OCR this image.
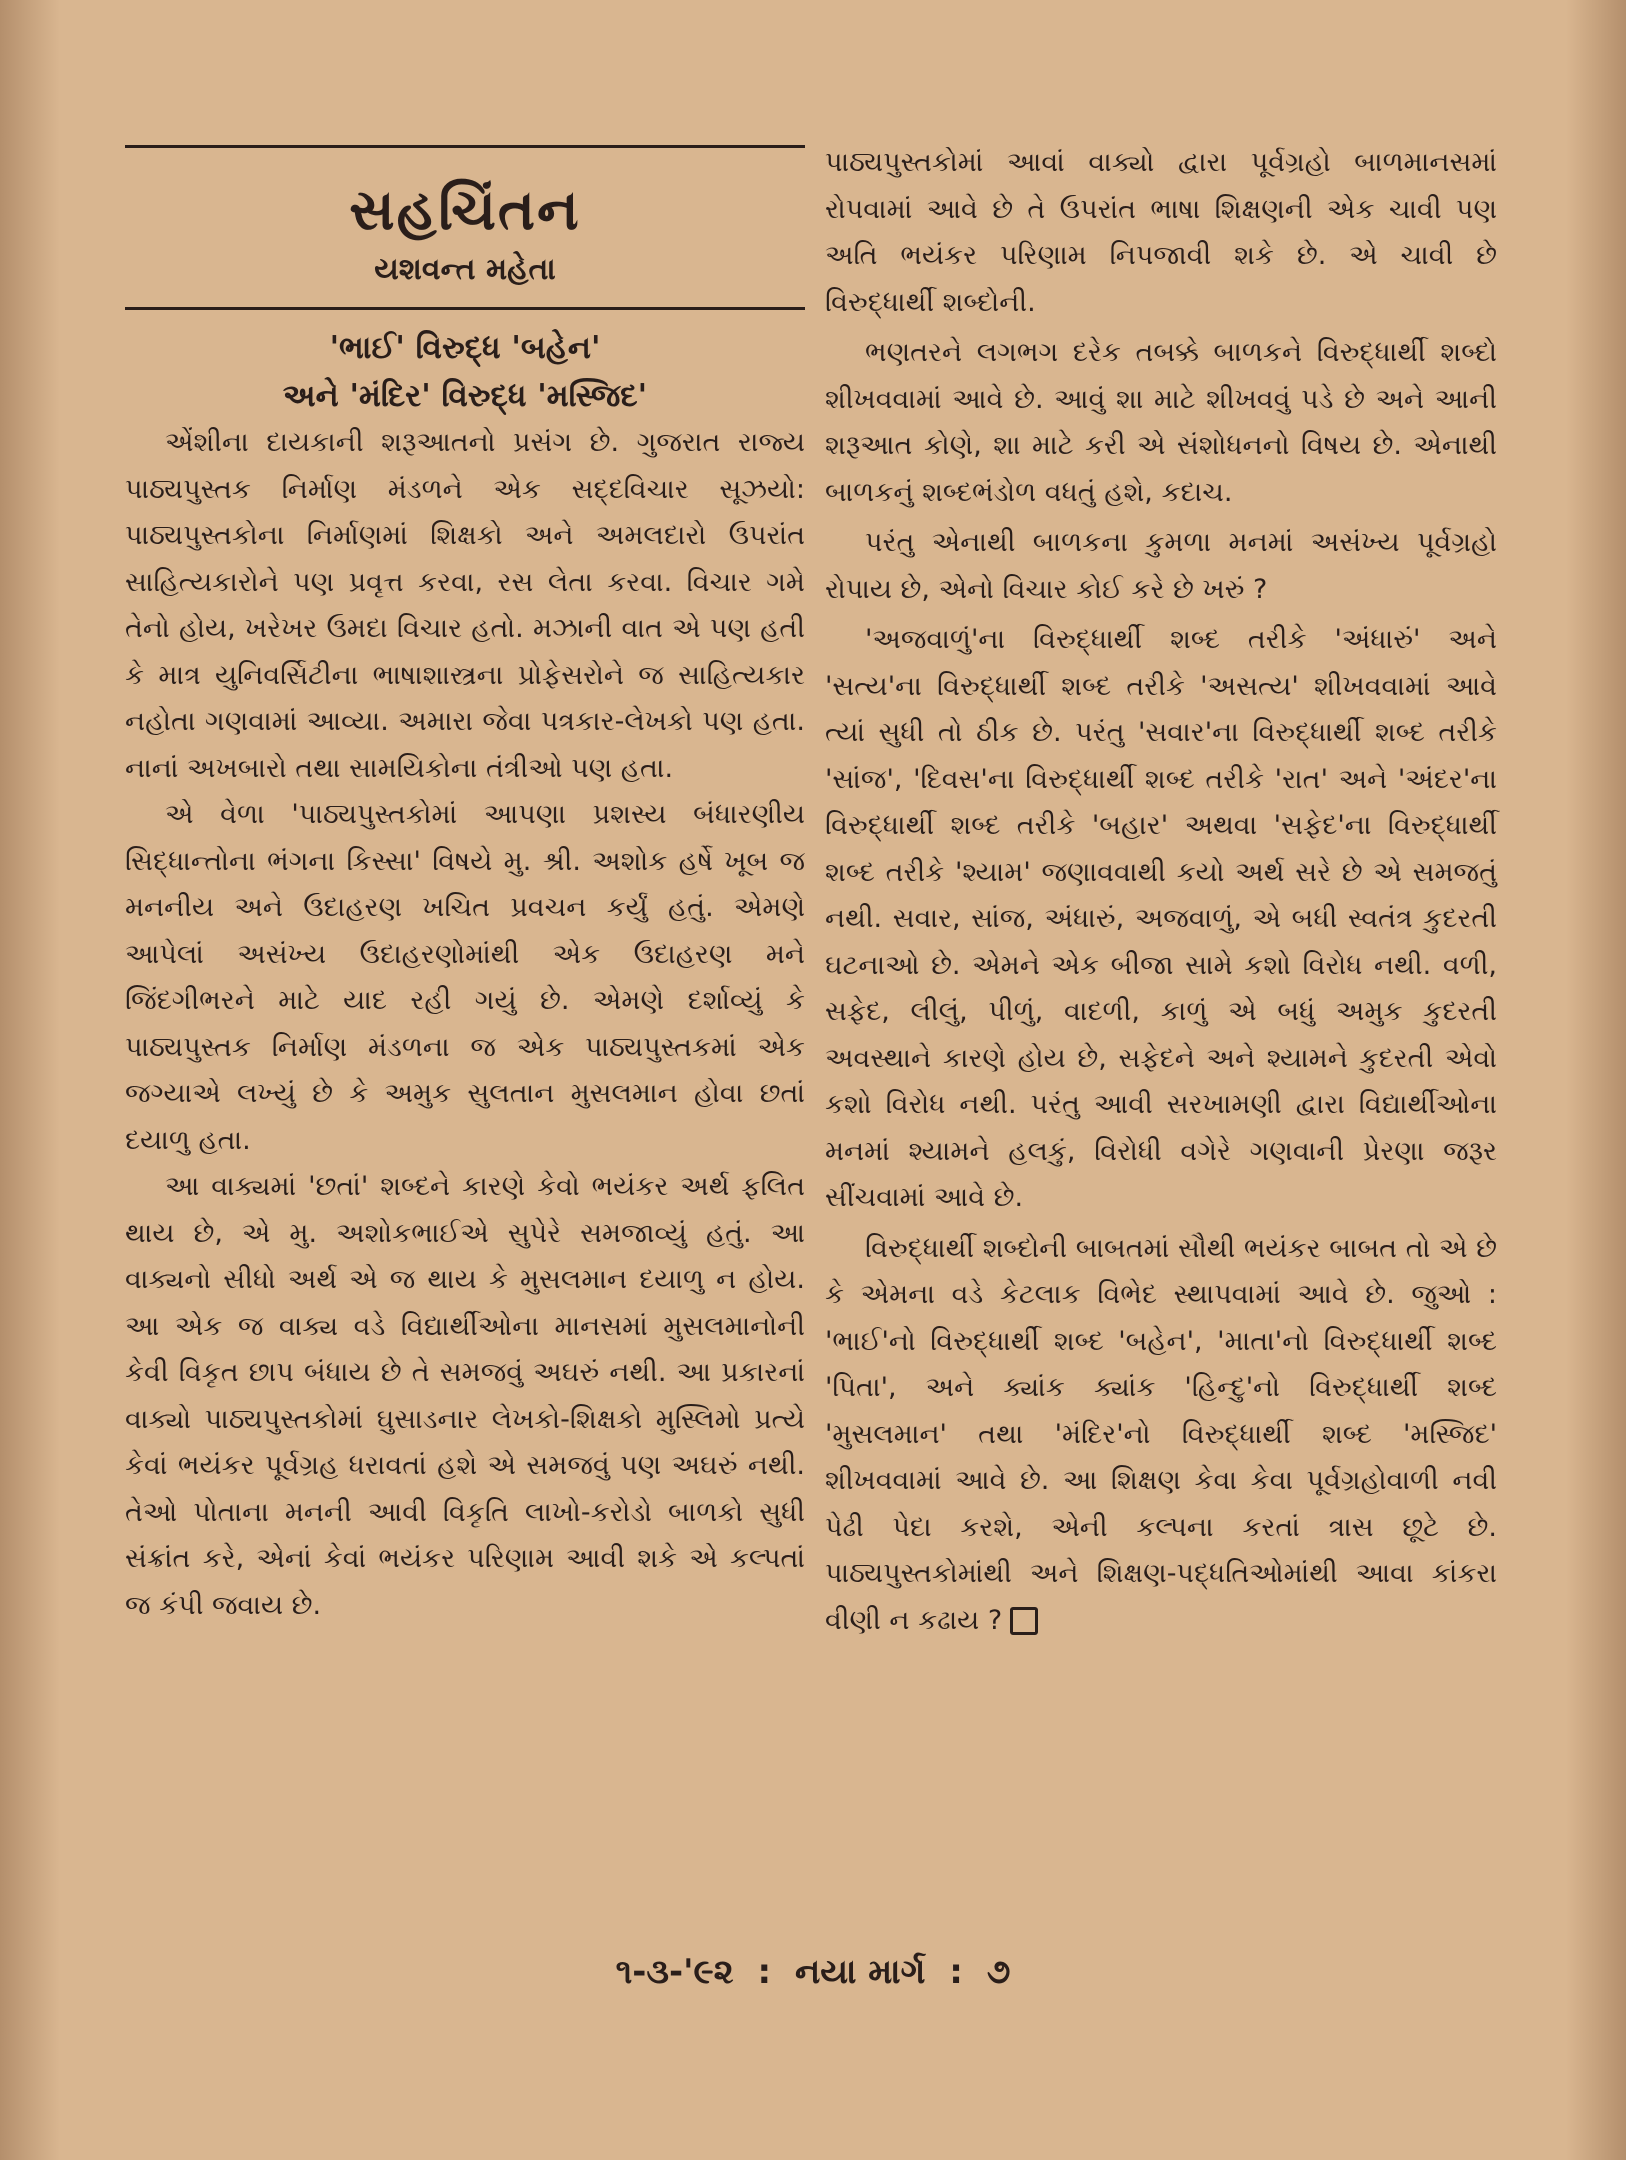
સહચિંતન
યશવન્ત મહેતા
'ભાઈ' વિરુદ્ધ 'બહેન'
અને 'મંદિર' વિરુદ્ધ 'મસ્જિદ'

એંશીના દાયકાની શરૂઆતનો પ્રસંગ છે. ગુજરાત રાજ્ય પાઠ્યપુસ્તક નિર્માણ મંડળને એક સદ્દવિચાર સૂઝયો: પાઠ્યપુસ્તકોના નિર્માણમાં શિક્ષકો અને અમલદારો ઉપરાંત સાહિત્યકારોને પણ પ્રવૃત્ત કરવા, રસ લેતા કરવા. વિચાર ગમે તેનો હોય, ખરેખર ઉમદા વિચાર હતો. મઝાની વાત એ પણ હતી કે માત્ર યુનિવર્સિટીના ભાષાશાસ્ત્રના પ્રોફેસરોને જ સાહિત્યકાર નહોતા ગણવામાં આવ્યા. અમારા જેવા પત્રકાર-લેખકો પણ હતા. નાનાં અખબારો તથા સામયિકોના તંત્રીઓ પણ હતા.

એ વેળા 'પાઠ્યપુસ્તકોમાં આપણા પ્રશસ્ય બંધારણીય સિદ્ધાન્તોના ભંગના કિસ્સા' વિષયે મુ. શ્રી. અશોક હર્ષે ખૂબ જ મનનીય અને ઉદાહરણ ખચિત પ્રવચન કર્યું હતું. એમણે આપેલાં અસંખ્ય ઉદાહરણોમાંથી એક ઉદાહરણ મને જિંદગીભરને માટે યાદ રહી ગયું છે. એમણે દર્શાવ્યું કે પાઠ્યપુસ્તક નિર્માણ મંડળના જ એક પાઠ્યપુસ્તકમાં એક જગ્યાએ લખ્યું છે કે અમુક સુલતાન મુસલમાન હોવા છતાં દયાળુ હતા.

આ વાક્યમાં 'છતાં' શબ્દને કારણે કેવો ભયંકર અર્થ ફલિત થાય છે, એ મુ. અશોકભાઈએ સુપેરે સમજાવ્યું હતું. આ વાક્યનો સીધો અર્થ એ જ થાય કે મુસલમાન દયાળુ ન હોય. આ એક જ વાક્ય વડે વિદ્યાર્થીઓના માનસમાં મુસલમાનોની કેવી વિકૃત છાપ બંધાય છે તે સમજવું અઘરું નથી. આ પ્રકારનાં વાક્યો પાઠ્યપુસ્તકોમાં ઘુસાડનાર લેખકો-શિક્ષકો મુસ્લિમો પ્રત્યે કેવાં ભયંકર પૂર્વગ્રહ ધરાવતાં હશે એ સમજવું પણ અઘરું નથી. તેઓ પોતાના મનની આવી વિકૃતિ લાખો-કરોડો બાળકો સુધી સંક્રાંત કરે, એનાં કેવાં ભયંકર પરિણામ આવી શકે એ કલ્પતાં જ કંપી જવાય છે.

પાઠ્યપુસ્તકોમાં આવાં વાક્યો દ્વારા પૂર્વગ્રહો બાળમાનસમાં રોપવામાં આવે છે તે ઉપરાંત ભાષા શિક્ષણની એક ચાવી પણ અતિ ભયંકર પરિણામ નિપજાવી શકે છે. એ ચાવી છે વિરુદ્ધાર્થી શબ્દોની.

ભણતરને લગભગ દરેક તબક્કે બાળકને વિરુદ્ધાર્થી શબ્દો શીખવવામાં આવે છે. આવું શા માટે શીખવવું પડે છે અને આની શરૂઆત કોણે, શા માટે કરી એ સંશોધનનો વિષય છે. એનાથી બાળકનું શબ્દભંડોળ વધતું હશે, કદાચ.

પરંતુ એનાથી બાળકના કુમળા મનમાં અસંખ્ય પૂર્વગ્રહો રોપાય છે, એનો વિચાર કોઈ કરે છે ખરું ?

'અજવાળું'ના વિરુદ્ધાર્થી શબ્દ તરીકે 'અંધારું' અને 'સત્ય'ના વિરુદ્ધાર્થી શબ્દ તરીકે 'અસત્ય' શીખવવામાં આવે ત્યાં સુધી તો ઠીક છે. પરંતુ 'સવાર'ના વિરુદ્ધાર્થી શબ્દ તરીકે 'સાંજ', 'દિવસ'ના વિરુદ્ધાર્થી શબ્દ તરીકે 'રાત' અને 'અંદર'ના વિરુદ્ધાર્થી શબ્દ તરીકે 'બહાર' અથવા 'સફેદ'ના વિરુદ્ધાર્થી શબ્દ તરીકે 'શ્યામ' જણાવવાથી કયો અર્થ સરે છે એ સમજતું નથી. સવાર, સાંજ, અંધારું, અજવાળું, એ બધી સ્વતંત્ર કુદરતી ઘટનાઓ છે. એમને એક બીજા સામે કશો વિરોધ નથી. વળી, સફેદ, લીલું, પીળું, વાદળી, કાળું એ બધું અમુક કુદરતી અવસ્થાને કારણે હોય છે, સફેદને અને શ્યામને કુદરતી એવો કશો વિરોધ નથી. પરંતુ આવી સરખામણી દ્વારા વિદ્યાર્થીઓના મનમાં શ્યામને હલકું, વિરોધી વગેરે ગણવાની પ્રેરણા જરૂર સીંચવામાં આવે છે.

વિરુદ્ધાર્થી શબ્દોની બાબતમાં સૌથી ભયંકર બાબત તો એ છે કે એમના વડે કેટલાક વિભેદ સ્થાપવામાં આવે છે. જુઓ : 'ભાઈ'નો વિરુદ્ધાર્થી શબ્દ 'બહેન', 'માતા'નો વિરુદ્ધાર્થી શબ્દ 'પિતા', અને ક્યાંક ક્યાંક 'હિન્દુ'નો વિરુદ્ધાર્થી શબ્દ 'મુસલમાન' તથા 'મંદિર'નો વિરુદ્ધાર્થી શબ્દ 'મસ્જિદ' શીખવવામાં આવે છે. આ શિક્ષણ કેવા કેવા પૂર્વગ્રહોવાળી નવી પેઢી પેદા કરશે, એની કલ્પના કરતાં ત્રાસ છૂટે છે. પાઠ્યપુસ્તકોમાંથી અને શિક્ષણ-પદ્ધતિઓમાંથી આવા કાંકરા વીણી ન કઢાય ?

૧-૩-'૯૨ : નયા માર્ગ : ૭
